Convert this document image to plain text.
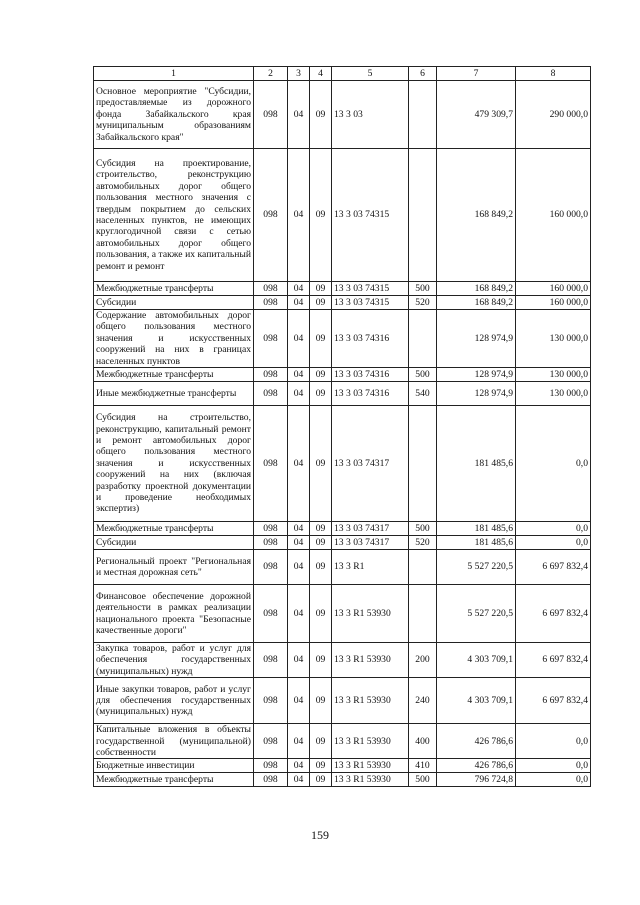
1	2	3	4	5	6	7	8
Основное мероприятие "Субсидии, предоставляемые из дорожного фонда Забайкальского края муниципальным образованиям Забайкальского края"	098	04	09	13 3 03		479 309,7	290 000,0
Субсидия на проектирование, строительство, реконструкцию автомобильных дорог общего пользования местного значения с твердым покрытием до сельских населенных пунктов, не имеющих круглогодичной связи с сетью автомобильных дорог общего пользования, а также их капитальный ремонт и ремонт	098	04	09	13 3 03 74315		168 849,2	160 000,0
Межбюджетные трансферты	098	04	09	13 3 03 74315	500	168 849,2	160 000,0
Субсидии	098	04	09	13 3 03 74315	520	168 849,2	160 000,0
Содержание автомобильных дорог общего пользования местного значения и искусственных сооружений на них в границах населенных пунктов	098	04	09	13 3 03 74316		128 974,9	130 000,0
Межбюджетные трансферты	098	04	09	13 3 03 74316	500	128 974,9	130 000,0
Иные межбюджетные трансферты	098	04	09	13 3 03 74316	540	128 974,9	130 000,0
Субсидия на строительство, реконструкцию, капитальный ремонт и ремонт автомобильных дорог общего пользования местного значения и искусственных сооружений на них (включая разработку проектной документации и проведение необходимых экспертиз)	098	04	09	13 3 03 74317		181 485,6	0,0
Межбюджетные трансферты	098	04	09	13 3 03 74317	500	181 485,6	0,0
Субсидии	098	04	09	13 3 03 74317	520	181 485,6	0,0
Региональный проект "Региональная и местная дорожная сеть"	098	04	09	13 3 R1		5 527 220,5	6 697 832,4
Финансовое обеспечение дорожной деятельности в рамках реализации национального проекта "Безопасные качественные дороги"	098	04	09	13 3 R1 53930		5 527 220,5	6 697 832,4
Закупка товаров, работ и услуг для обеспечения государственных (муниципальных) нужд	098	04	09	13 3 R1 53930	200	4 303 709,1	6 697 832,4
Иные закупки товаров, работ и услуг для обеспечения государственных (муниципальных) нужд	098	04	09	13 3 R1 53930	240	4 303 709,1	6 697 832,4
Капитальные вложения в объекты государственной (муниципальной) собственности	098	04	09	13 3 R1 53930	400	426 786,6	0,0
Бюджетные инвестиции	098	04	09	13 3 R1 53930	410	426 786,6	0,0
Межбюджетные трансферты	098	04	09	13 3 R1 53930	500	796 724,8	0,0
159
